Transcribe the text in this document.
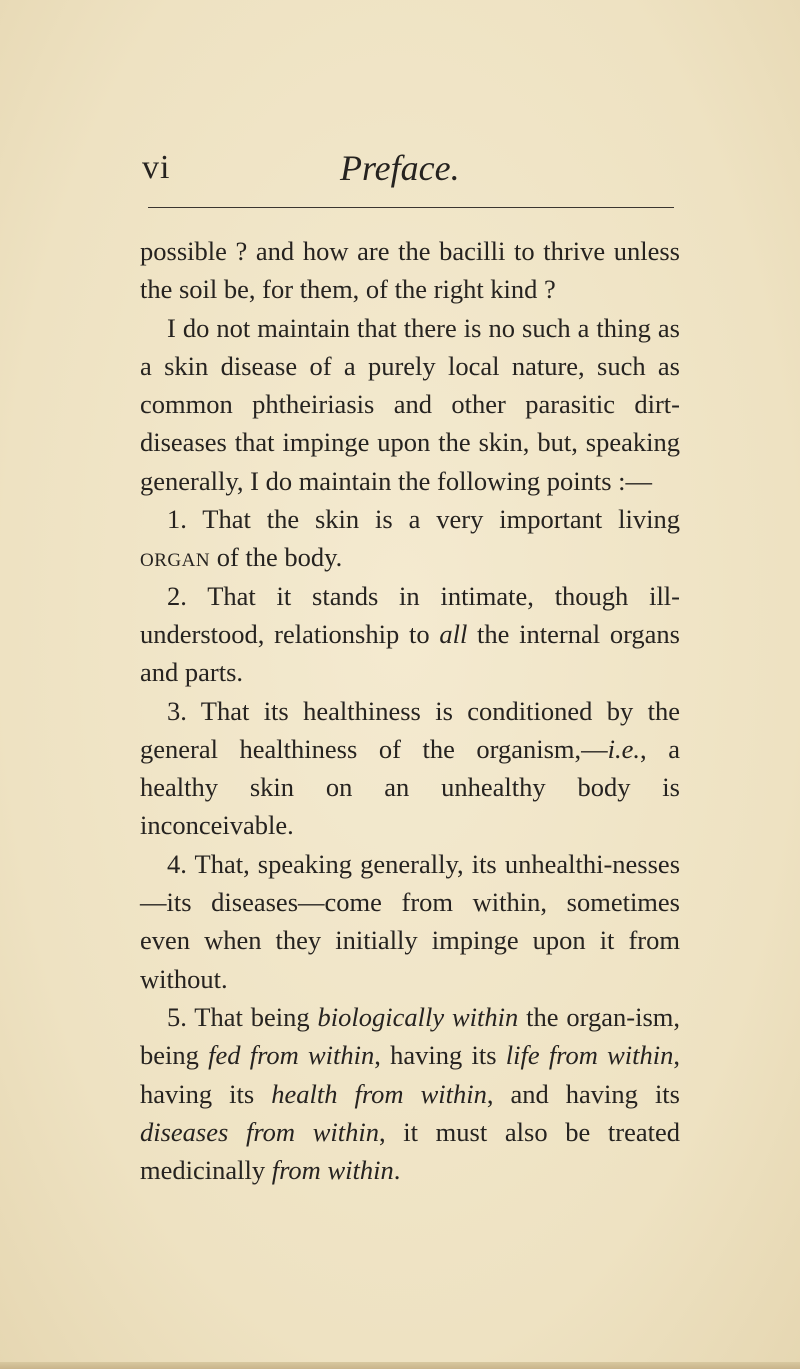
vi	Preface.

possible ? and how are the bacilli to thrive unless the soil be, for them, of the right kind ?

I do not maintain that there is no such a thing as a skin disease of a purely local nature, such as common phtheiriasis and other parasitic dirt-diseases that impinge upon the skin, but, speaking generally, I do maintain the following points :—

1. That the skin is a very important living organ of the body.

2. That it stands in intimate, though ill-understood, relationship to all the internal organs and parts.

3. That its healthiness is conditioned by the general healthiness of the organism,—i.e., a healthy skin on an unhealthy body is inconceivable.

4. That, speaking generally, its unhealthi-nesses—its diseases—come from within, sometimes even when they initially impinge upon it from without.

5. That being biologically within the organ-ism, being fed from within, having its life from within, having its health from within, and having its diseases from within, it must also be treated medicinally from within.
